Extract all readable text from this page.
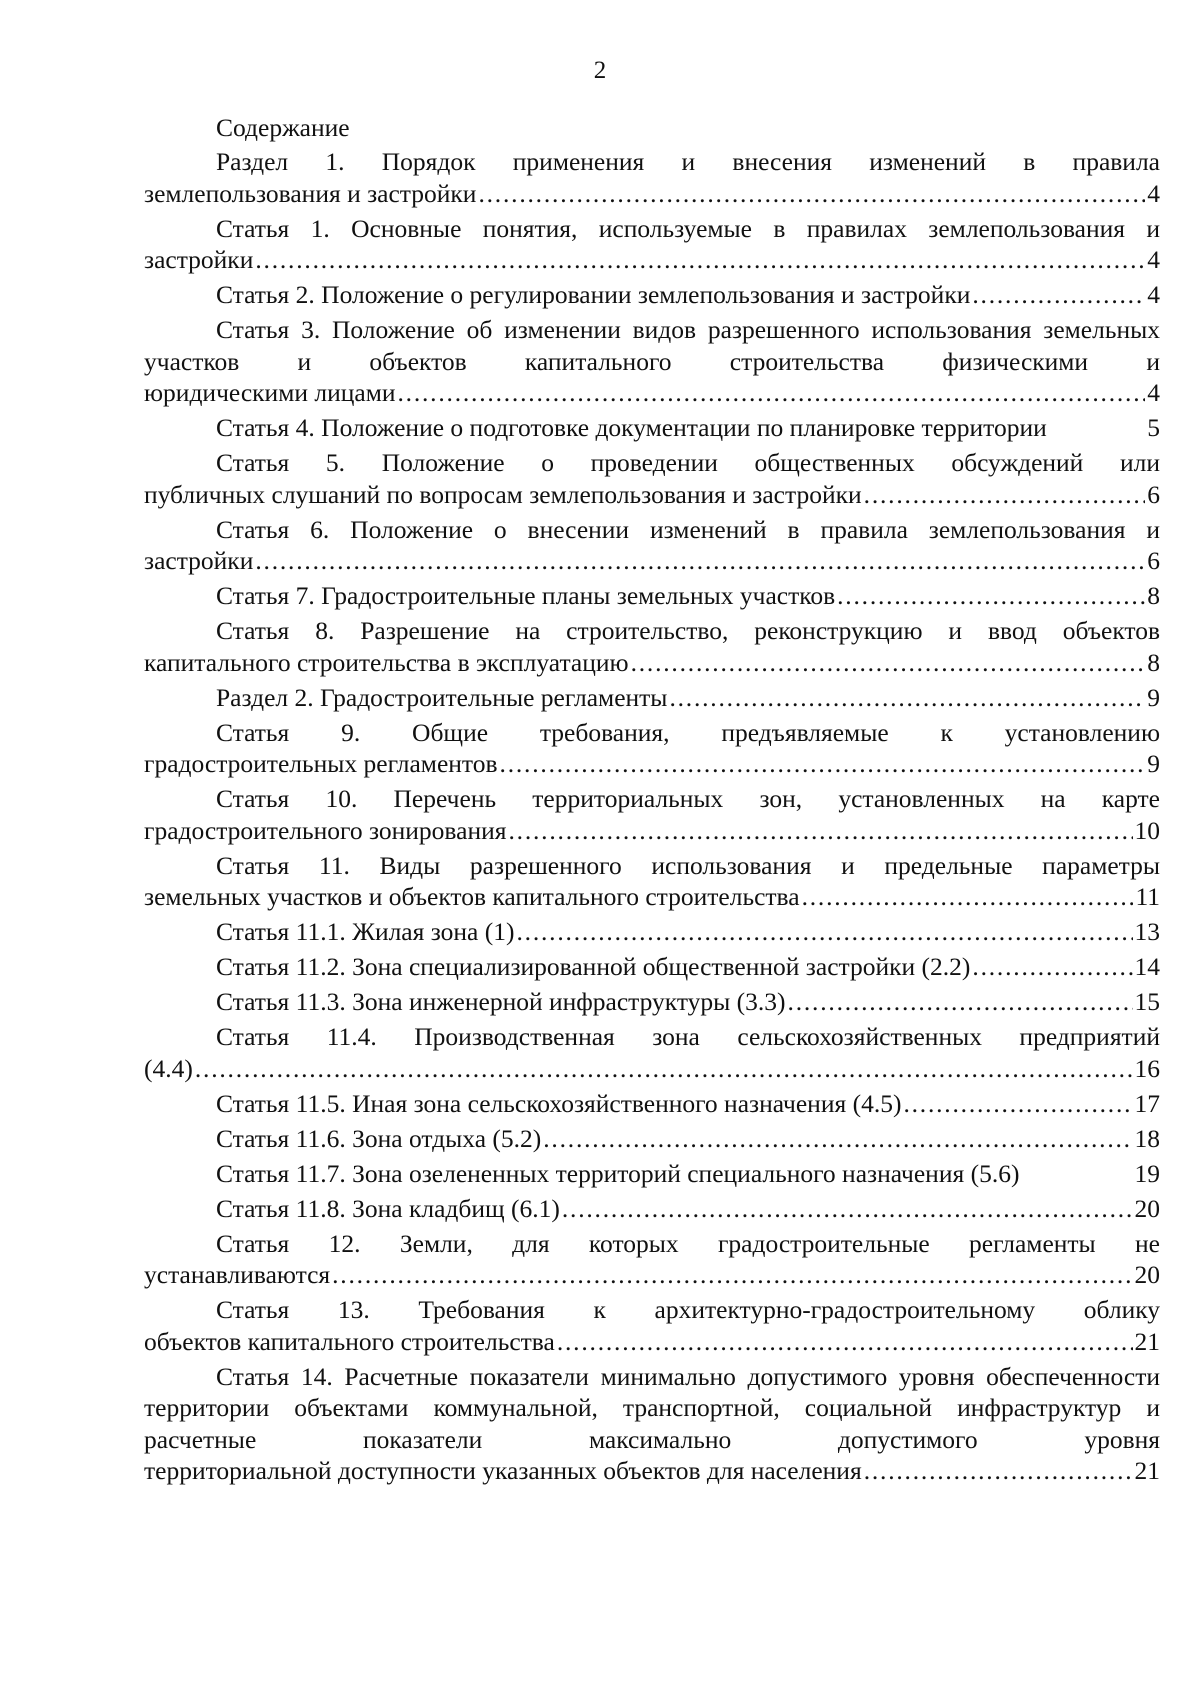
2
Содержание
Раздел 1. Порядок применения и внесения изменений в правила
землепользования и застройки .....	4
Статья 1. Основные понятия, используемые в правилах землепользования и
застройки .....	4
Статья 2. Положение о регулировании землепользования и застройки .....	4
Статья 3. Положение об изменении видов разрешенного использования земельных участков и объектов капитального строительства физическими и
юридическими лицами .....	4
Статья 4. Положение о подготовке документации по планировке территории	5
Статья 5. Положение о проведении общественных обсуждений или
публичных слушаний по вопросам землепользования и застройки .....	6
Статья 6. Положение о внесении изменений в правила землепользования и
застройки .....	6
Статья 7. Градостроительные планы земельных участков .....	8
Статья 8. Разрешение на строительство, реконструкцию и ввод объектов
капитального строительства в эксплуатацию .....	8
Раздел 2. Градостроительные регламенты .....	9
Статья 9. Общие требования, предъявляемые к установлению
градостроительных регламентов .....	9
Статья 10. Перечень территориальных зон, установленных на карте
градостроительного зонирования .....	10
Статья 11. Виды разрешенного использования и предельные параметры
земельных участков и объектов капитального строительства .....	11
Статья 11.1. Жилая зона (1) .....	13
Статья 11.2. Зона специализированной общественной застройки (2.2) .....	14
Статья 11.3. Зона инженерной инфраструктуры (3.3) .....	15
Статья 11.4. Производственная зона сельскохозяйственных предприятий
(4.4) .....	16
Статья 11.5. Иная зона сельскохозяйственного назначения (4.5) .....	17
Статья 11.6. Зона отдыха (5.2) .....	18
Статья 11.7. Зона озелененных территорий специального назначения (5.6)	19
Статья 11.8. Зона кладбищ (6.1) .....	20
Статья 12. Земли, для которых градостроительные регламенты не
устанавливаются .....	20
Статья 13. Требования к архитектурно-градостроительному облику
объектов капитального строительства .....	21
Статья 14. Расчетные показатели минимально допустимого уровня обеспеченности территории объектами коммунальной, транспортной, социальной инфраструктур и расчетные показатели максимально допустимого уровня
территориальной доступности указанных объектов для населения .....	21
